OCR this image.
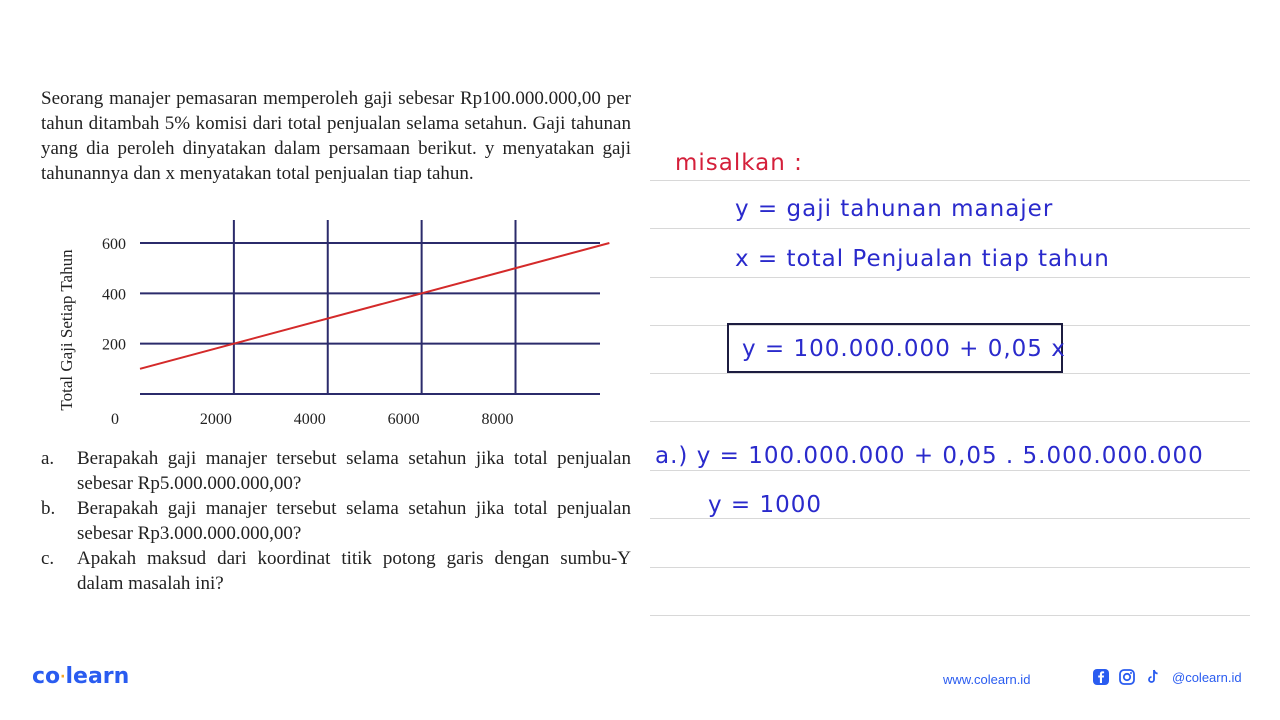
Seorang manajer pemasaran memperoleh gaji sebesar Rp100.000.000,00 per tahun ditambah 5% komisi dari total penjualan selama setahun. Gaji tahunan yang dia peroleh dinyatakan dalam persamaan berikut. y menyatakan gaji tahunannya dan x menyatakan total penjualan tiap tahun.

200
400
600
0	2000	4000	6000	8000
Total Gaji Setiap Tahun
a.	Berapakah gaji manajer tersebut selama setahun jika total penjualan sebesar Rp5.000.000.000,00?
b.	Berapakah gaji manajer tersebut selama setahun jika total penjualan sebesar Rp3.000.000.000,00?
c.	Apakah maksud dari koordinat titik potong garis dengan sumbu-Y dalam masalah ini?
misalkan :
y = gaji tahunan manajer
x = total Penjualan tiap tahun
y = 100.000.000 + 0,05 x
a.) y = 100.000.000 + 0,05 . 5.000.000.000
y = 1000
co·learn	www.colearn.id	@colearn.id
